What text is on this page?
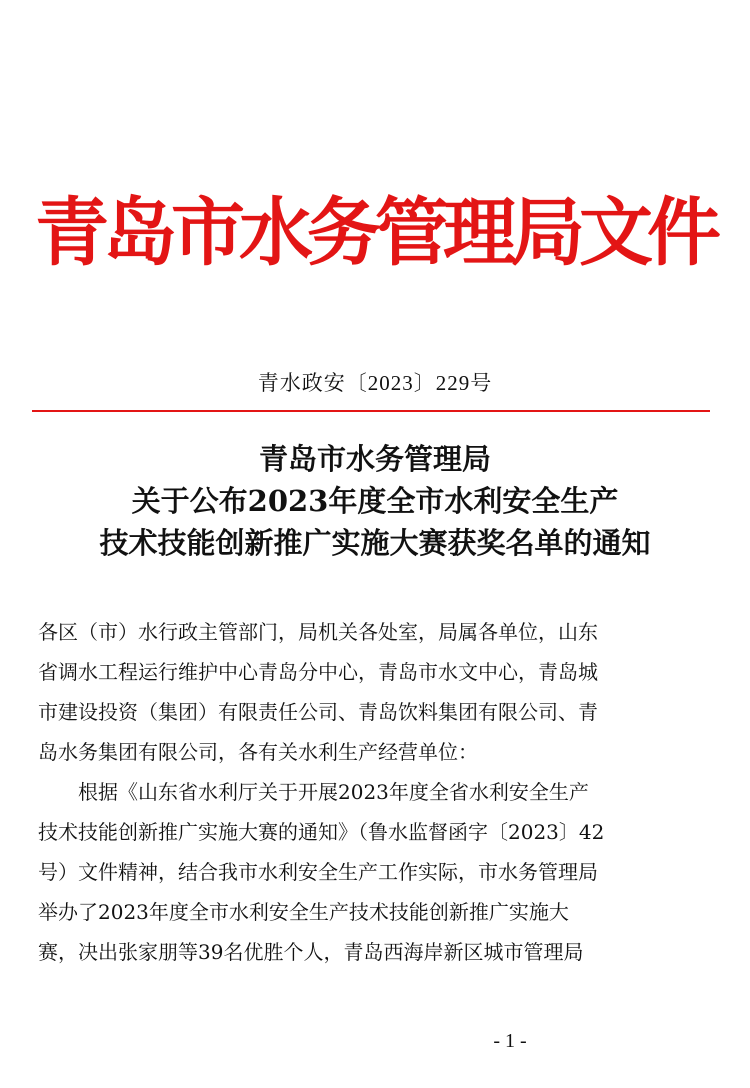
青岛市水务管理局文件
青水政安〔2023〕229号
青岛市水务管理局
关于公布2023年度全市水利安全生产
技术技能创新推广实施大赛获奖名单的通知
各区（市）水行政主管部门，局机关各处室，局属各单位，山东
省调水工程运行维护中心青岛分中心，青岛市水文中心，青岛城
市建设投资（集团）有限责任公司、青岛饮料集团有限公司、青
岛水务集团有限公司，各有关水利生产经营单位：
根据《山东省水利厅关于开展2023年度全省水利安全生产
技术技能创新推广实施大赛的通知》（鲁水监督函字〔2023〕42
号）文件精神，结合我市水利安全生产工作实际，市水务管理局
举办了2023年度全市水利安全生产技术技能创新推广实施大
赛，决出张家朋等39名优胜个人，青岛西海岸新区城市管理局
- 1 -
